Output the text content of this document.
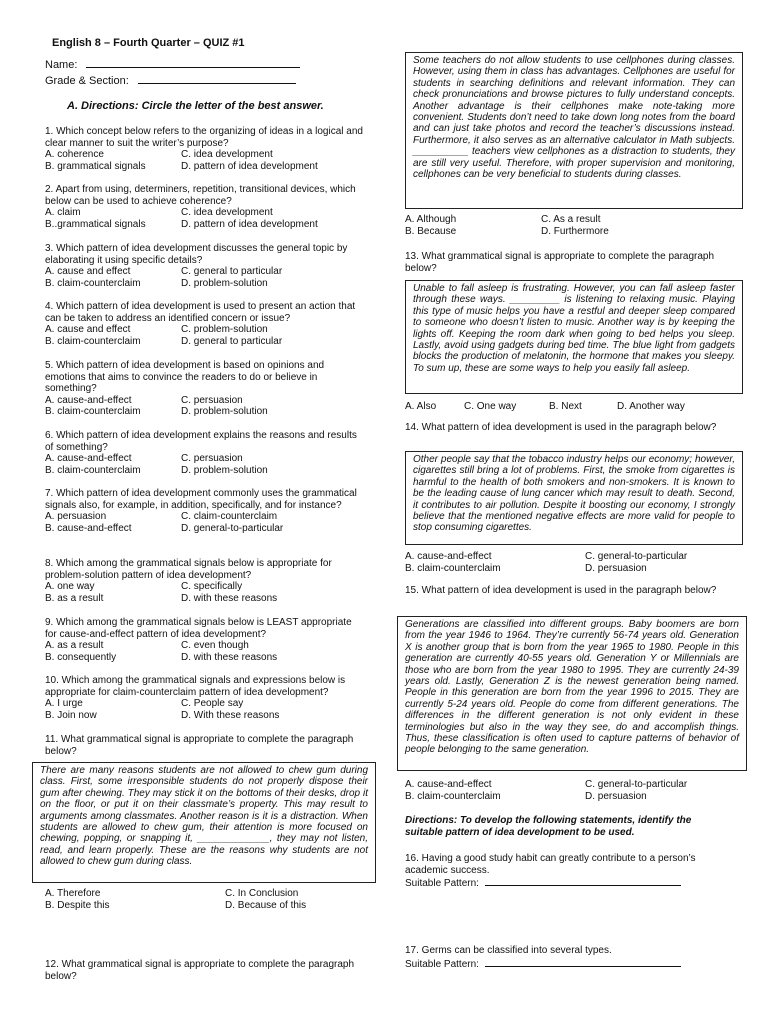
English 8 – Fourth Quarter – QUIZ #1
Name:
Grade & Section:
A. Directions: Circle the letter of the best answer.
1. Which concept below refers to the organizing of ideas in a logical and clear manner to suit the writer’s purpose?
A. coherence	C. idea development
B. grammatical signals	D. pattern of idea development
2. Apart from using, determiners, repetition, transitional devices, which below can be used to achieve coherence?
A. claim	C. idea development
B..grammatical signals	D. pattern of idea development
3. Which pattern of idea development discusses the general topic by elaborating it using specific details?
A. cause and effect	C. general to particular
B. claim-counterclaim	D. problem-solution
4. Which pattern of idea development is used to present an action that can be taken to address an identified concern or issue?
A. cause and effect	C. problem-solution
B. claim-counterclaim	D. general to particular
5. Which pattern of idea development is based on opinions and emotions that aims to convince the readers to do or believe in something?
A. cause-and-effect	C. persuasion
B. claim-counterclaim	D. problem-solution
6. Which pattern of idea development explains the reasons and results of something?
A. cause-and-effect	C. persuasion
B. claim-counterclaim	D. problem-solution
7. Which pattern of idea development commonly uses the grammatical signals also, for example, in addition, specifically, and for instance?
A. persuasion	C. claim-counterclaim
B. cause-and-effect	D. general-to-particular
8. Which among the grammatical signals below is appropriate for problem-solution pattern of idea development?
A. one way	C. specifically
B. as a result	D. with these reasons
9. Which among the grammatical signals below is LEAST appropriate for cause-and-effect pattern of idea development?
A. as a result	C. even though
B. consequently	D. with these reasons
10. Which among the grammatical signals and expressions below is appropriate for claim-counterclaim pattern of idea development?
A. I urge	C. People say
B. Join now	D. With these reasons
11. What grammatical signal is appropriate to complete the paragraph below?
There are many reasons students are not allowed to chew gum during class. First, some irresponsible students do not properly dispose their gum after chewing. They may stick it on the bottoms of their desks, drop it on the floor, or put it on their classmate’s property. This may result to arguments among classmates. Another reason is it is a distraction. When students are allowed to chew gum, their attention is more focused on chewing, popping, or snapping it, _____________, they may not listen, read, and learn properly. These are the reasons why students are not allowed to chew gum during class.
A. Therefore	C. In Conclusion
B. Despite this	D. Because of this
12. What grammatical signal is appropriate to complete the paragraph below?
Some teachers do not allow students to use cellphones during classes. However, using them in class has advantages. Cellphones are useful for students in searching definitions and relevant information. They can check pronunciations and browse pictures to fully understand concepts. Another advantage is their cellphones make note-taking more convenient. Students don’t need to take down long notes from the board and can just take photos and record the teacher’s discussions instead. Furthermore, it also serves as an alternative calculator in Math subjects. __________ teachers view cellphones as a distraction to students, they are still very useful. Therefore, with proper supervision and monitoring, cellphones can be very beneficial to students during classes.
A. Although	C. As a result
B. Because	D. Furthermore
13. What grammatical signal is appropriate to complete the paragraph below?
Unable to fall asleep is frustrating. However, you can fall asleep faster through these ways. _________ is listening to relaxing music. Playing this type of music helps you have a restful and deeper sleep compared to someone who doesn’t listen to music. Another way is by keeping the lights off. Keeping the room dark when going to bed helps you sleep. Lastly, avoid using gadgets during bed time. The blue light from gadgets blocks the production of melatonin, the hormone that makes you sleepy. To sum up, these are some ways to help you easily fall asleep.
A. Also	C. One way	B. Next	D. Another way
14. What pattern of idea development is used in the paragraph below?
Other people say that the tobacco industry helps our economy; however, cigarettes still bring a lot of problems. First, the smoke from cigarettes is harmful to the health of both smokers and non-smokers. It is known to be the leading cause of lung cancer which may result to death. Second, it contributes to air pollution. Despite it boosting our economy, I strongly believe that the mentioned negative effects are more valid for people to stop consuming cigarettes.
A. cause-and-effect	C. general-to-particular
B. claim-counterclaim	D. persuasion
15. What pattern of idea development is used in the paragraph below?
Generations are classified into different groups. Baby boomers are born from the year 1946 to 1964. They’re currently 56-74 years old. Generation X is another group that is born from the year 1965 to 1980. People in this generation are currently 40-55 years old. Generation Y or Millennials are those who are born from the year 1980 to 1995. They are currently 24-39 years old. Lastly, Generation Z is the newest generation being named. People in this generation are born from the year 1996 to 2015. They are currently 5-24 years old. People do come from different generations. The differences in the different generation is not only evident in these terminologies but also in the way they see, do and accomplish things. Thus, these classification is often used to capture patterns of behavior of people belonging to the same generation.
A. cause-and-effect	C. general-to-particular
B. claim-counterclaim	D. persuasion
Directions: To develop the following statements, identify the suitable pattern of idea development to be used.
16. Having a good study habit can greatly contribute to a person’s academic success.
Suitable Pattern:
17. Germs can be classified into several types.
Suitable Pattern:
